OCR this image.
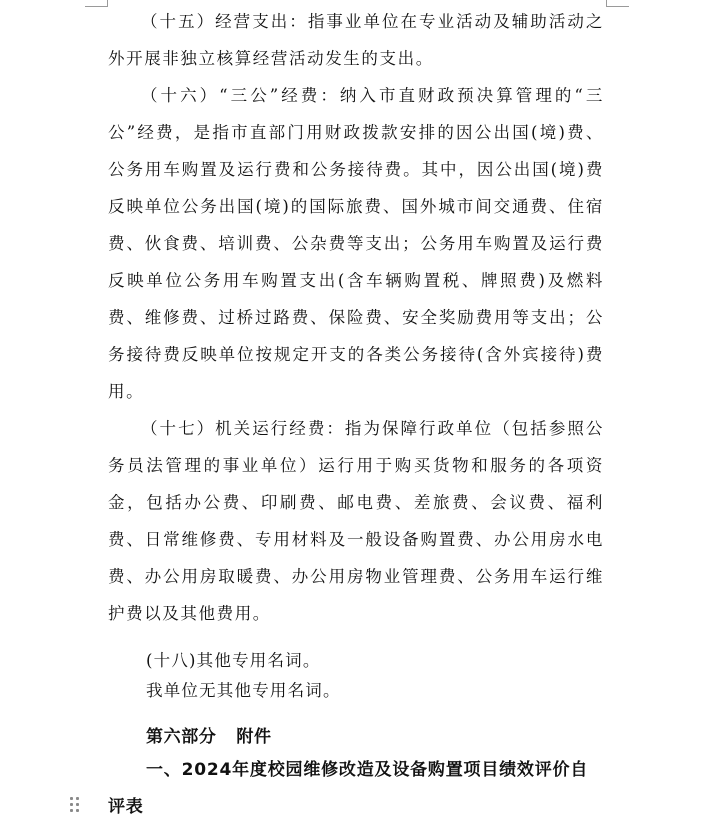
（十五）经营支出：指事业单位在专业活动及辅助活动之外开展非独立核算经营活动发生的支出。

（十六）“三公”经费：纳入市直财政预决算管理的“三公”经费，是指市直部门用财政拨款安排的因公出国(境)费、公务用车购置及运行费和公务接待费。其中，因公出国(境)费反映单位公务出国(境)的国际旅费、国外城市间交通费、住宿费、伙食费、培训费、公杂费等支出；公务用车购置及运行费反映单位公务用车购置支出(含车辆购置税、牌照费)及燃料费、维修费、过桥过路费、保险费、安全奖励费用等支出；公务接待费反映单位按规定开支的各类公务接待(含外宾接待)费用。

（十七）机关运行经费：指为保障行政单位（包括参照公务员法管理的事业单位）运行用于购买货物和服务的各项资金，包括办公费、印刷费、邮电费、差旅费、会议费、福利费、日常维修费、专用材料及一般设备购置费、办公用房水电费、办公用房取暖费、办公用房物业管理费、公务用车运行维护费以及其他费用。

(十八)其他专用名词。

我单位无其他专用名词。

第六部分 附件

一、2024年度校园维修改造及设备购置项目绩效评价自评表
